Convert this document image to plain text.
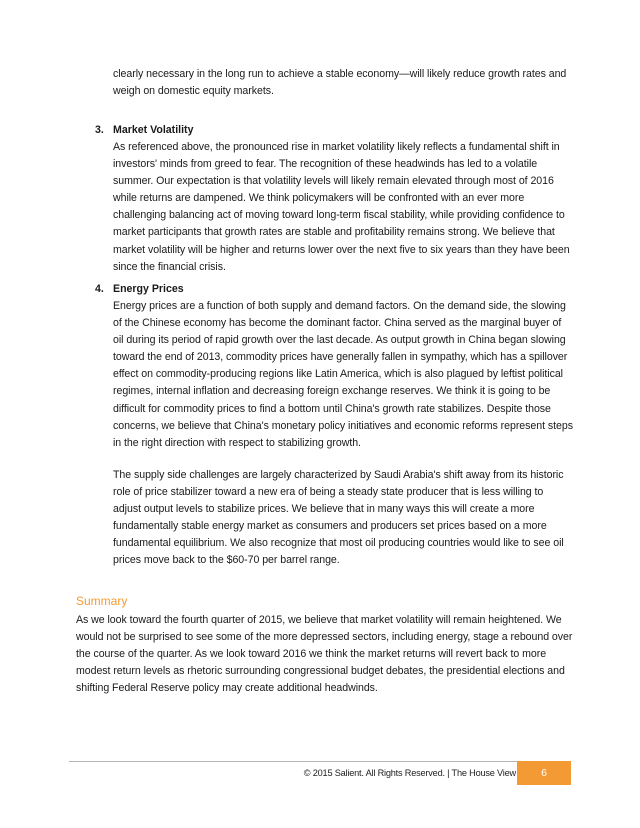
clearly necessary in the long run to achieve a stable economy—will likely reduce growth rates and weigh on domestic equity markets.

3. Market Volatility

As referenced above, the pronounced rise in market volatility likely reflects a fundamental shift in investors' minds from greed to fear. The recognition of these headwinds has led to a volatile summer. Our expectation is that volatility levels will likely remain elevated through most of 2016 while returns are dampened. We think policymakers will be confronted with an ever more challenging balancing act of moving toward long-term fiscal stability, while providing confidence to market participants that growth rates are stable and profitability remains strong. We believe that market volatility will be higher and returns lower over the next five to six years than they have been since the financial crisis.

4. Energy Prices

Energy prices are a function of both supply and demand factors. On the demand side, the slowing of the Chinese economy has become the dominant factor. China served as the marginal buyer of oil during its period of rapid growth over the last decade. As output growth in China began slowing toward the end of 2013, commodity prices have generally fallen in sympathy, which has a spillover effect on commodity-producing regions like Latin America, which is also plagued by leftist political regimes, internal inflation and decreasing foreign exchange reserves. We think it is going to be difficult for commodity prices to find a bottom until China's growth rate stabilizes. Despite those concerns, we believe that China's monetary policy initiatives and economic reforms represent steps in the right direction with respect to stabilizing growth.

The supply side challenges are largely characterized by Saudi Arabia's shift away from its historic role of price stabilizer toward a new era of being a steady state producer that is less willing to adjust output levels to stabilize prices. We believe that in many ways this will create a more fundamentally stable energy market as consumers and producers set prices based on a more fundamental equilibrium. We also recognize that most oil producing countries would like to see oil prices move back to the $60-70 per barrel range.

Summary

As we look toward the fourth quarter of 2015, we believe that market volatility will remain heightened. We would not be surprised to see some of the more depressed sectors, including energy, stage a rebound over the course of the quarter. As we look toward 2016 we think the market returns will revert back to more modest return levels as rhetoric surrounding congressional budget debates, the presidential elections and shifting Federal Reserve policy may create additional headwinds.

© 2015 Salient. All Rights Reserved. | The House View	6
